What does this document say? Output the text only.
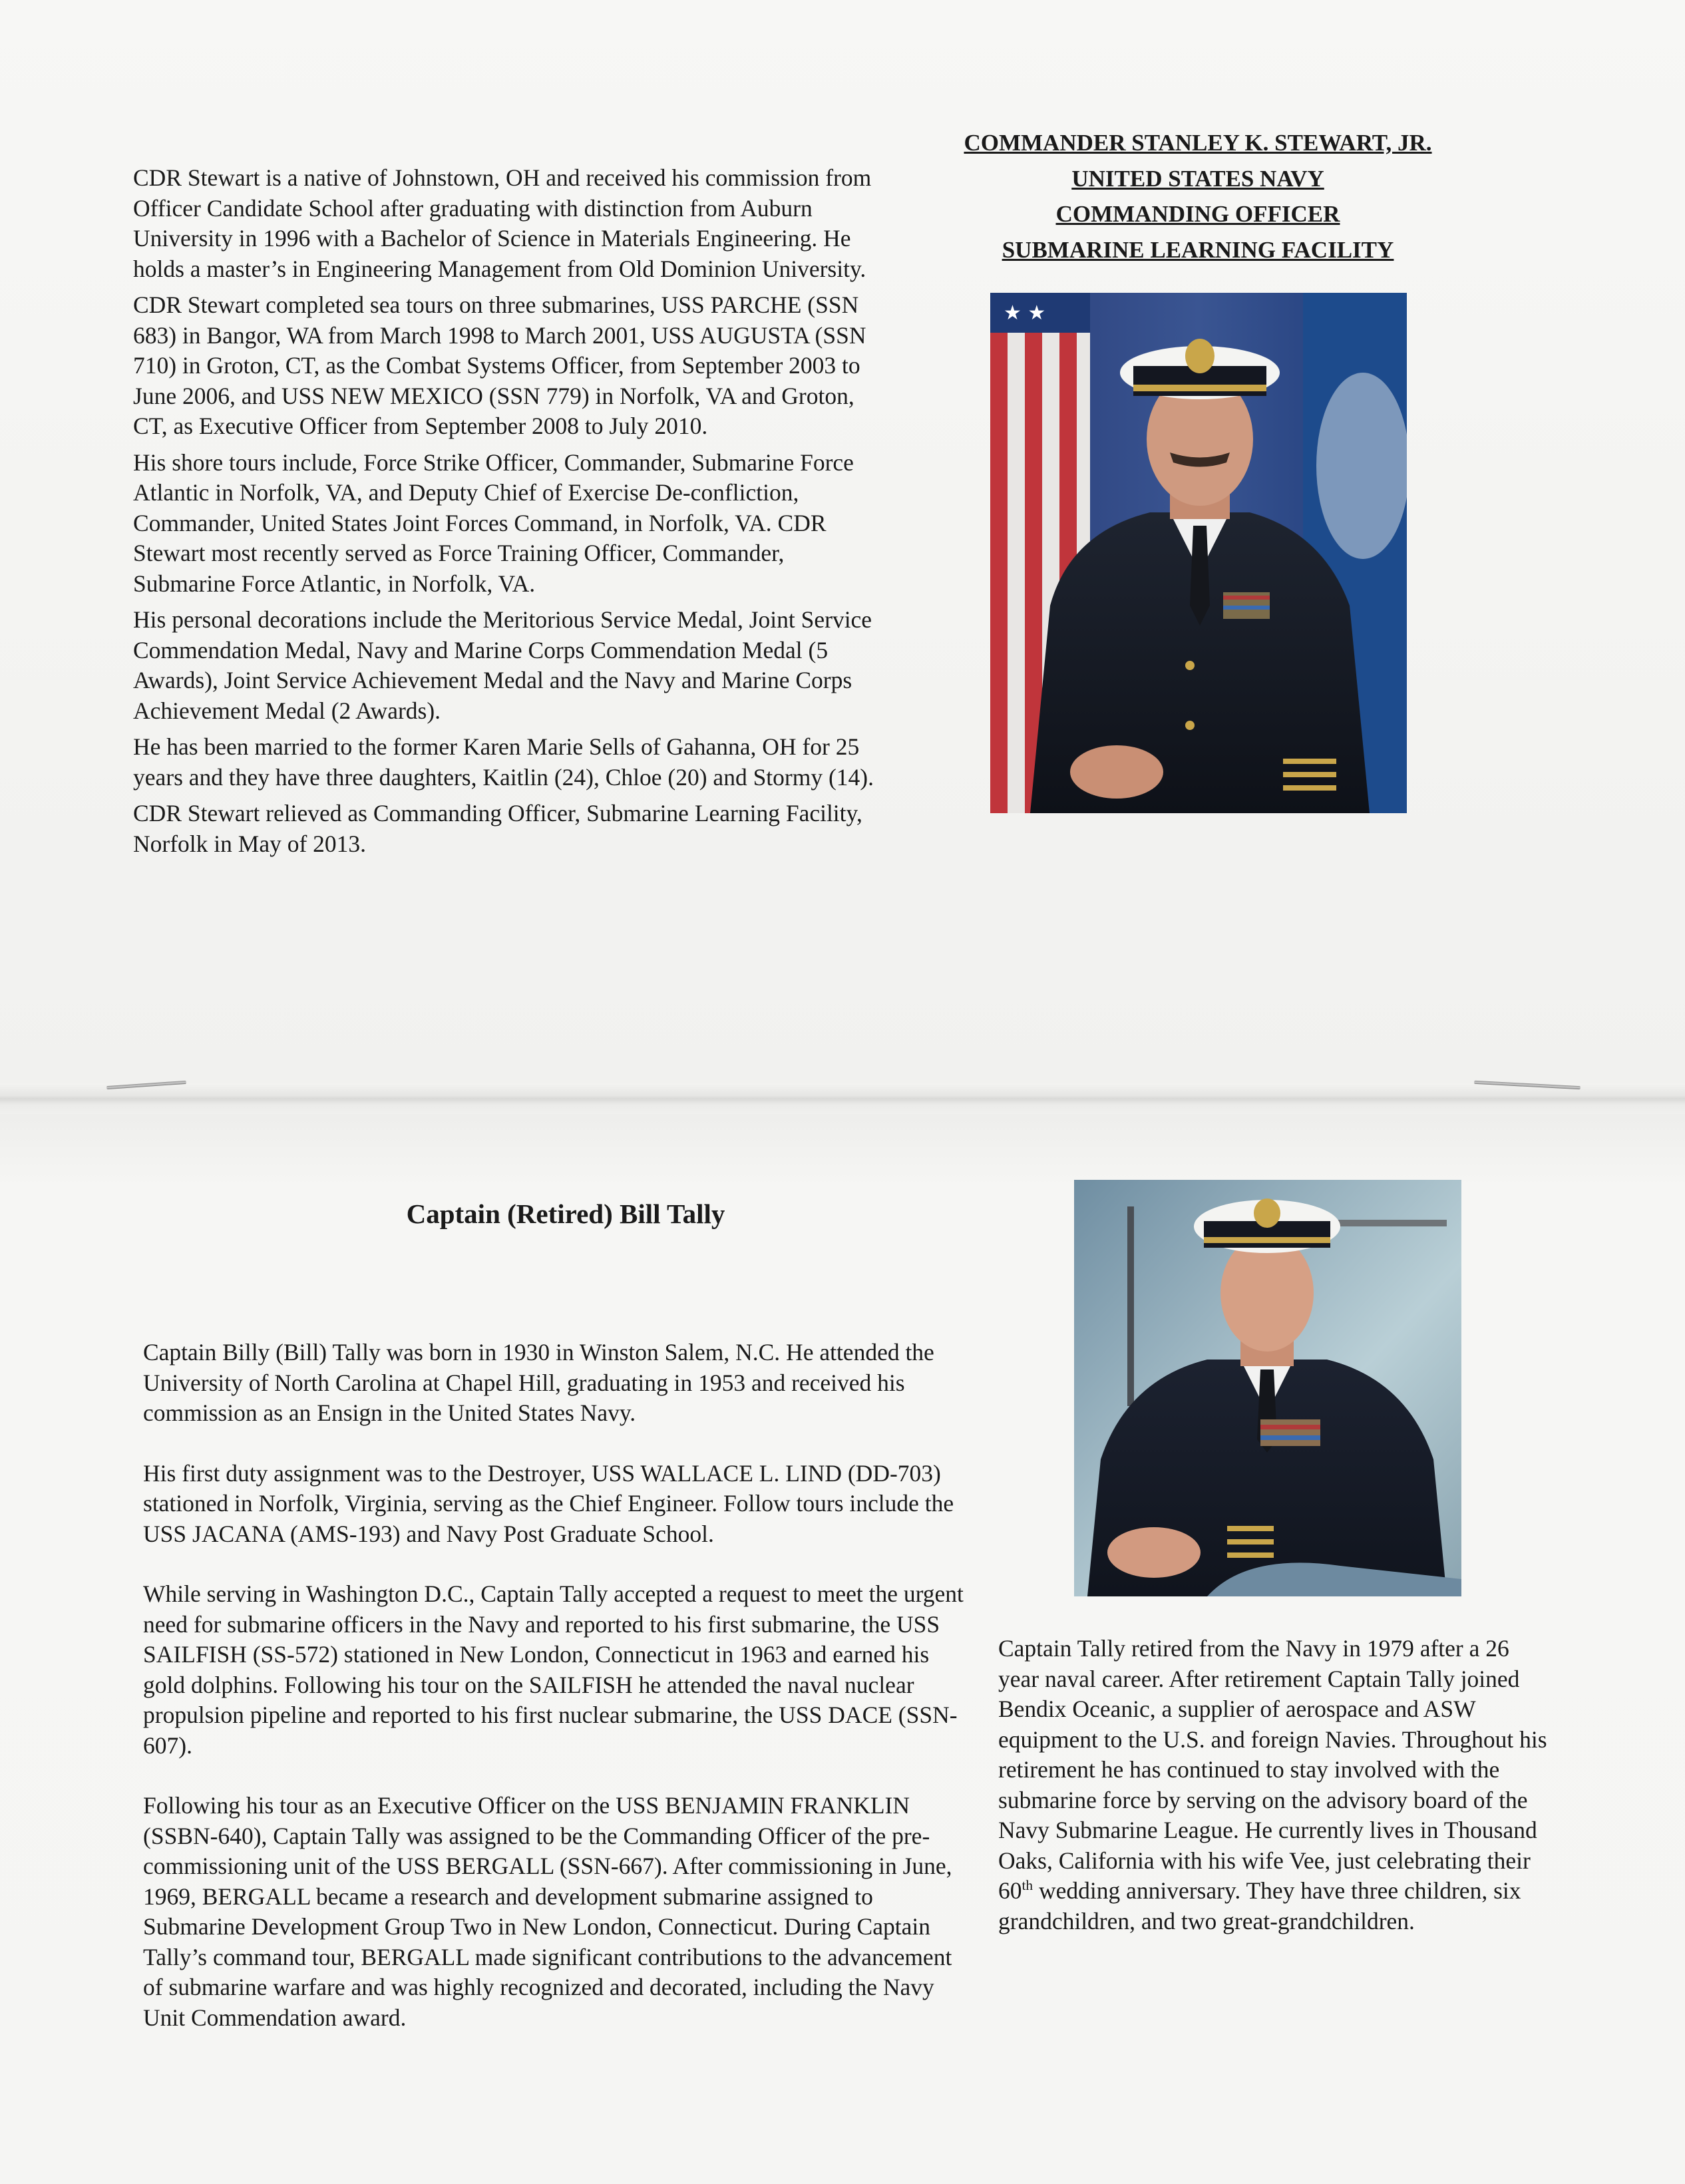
CDR Stewart is a native of Johnstown, OH and received his commission from Officer Candidate School after graduating with distinction from Auburn University in 1996 with a Bachelor of Science in Materials Engineering. He holds a master’s in Engineering Management from Old Dominion University.

CDR Stewart completed sea tours on three submarines, USS PARCHE (SSN 683) in Bangor, WA from March 1998 to March 2001, USS AUGUSTA (SSN 710) in Groton, CT, as the Combat Systems Officer, from September 2003 to June 2006, and USS NEW MEXICO (SSN 779) in Norfolk, VA and Groton, CT, as Executive Officer from September 2008 to July 2010.

His shore tours include, Force Strike Officer, Commander, Submarine Force Atlantic in Norfolk, VA, and Deputy Chief of Exercise De-confliction, Commander, United States Joint Forces Command, in Norfolk, VA. CDR Stewart most recently served as Force Training Officer, Commander, Submarine Force Atlantic, in Norfolk, VA.

His personal decorations include the Meritorious Service Medal, Joint Service Commendation Medal, Navy and Marine Corps Commendation Medal (5 Awards), Joint Service Achievement Medal and the Navy and Marine Corps Achievement Medal (2 Awards).

He has been married to the former Karen Marie Sells of Gahanna, OH for 25 years and they have three daughters, Kaitlin (24), Chloe (20) and Stormy (14).

CDR Stewart relieved as Commanding Officer, Submarine Learning Facility, Norfolk in May of 2013.

COMMANDER STANLEY K. STEWART, JR.
UNITED STATES NAVY
COMMANDING OFFICER
SUBMARINE LEARNING FACILITY
★ ★
Captain (Retired) Bill Tally

Captain Billy (Bill) Tally was born in 1930 in Winston Salem, N.C. He attended the University of North Carolina at Chapel Hill, graduating in 1953 and received his commission as an Ensign in the United States Navy.

His first duty assignment was to the Destroyer, USS WALLACE L. LIND (DD-703) stationed in Norfolk, Virginia, serving as the Chief Engineer. Follow tours include the USS JACANA (AMS-193) and Navy Post Graduate School.

While serving in Washington D.C., Captain Tally accepted a request to meet the urgent need for submarine officers in the Navy and reported to his first submarine, the USS SAILFISH (SS-572) stationed in New London, Connecticut in 1963 and earned his gold dolphins. Following his tour on the SAILFISH he attended the naval nuclear propulsion pipeline and reported to his first nuclear submarine, the USS DACE (SSN-607).

Following his tour as an Executive Officer on the USS BENJAMIN FRANKLIN (SSBN-640), Captain Tally was assigned to be the Commanding Officer of the pre-commissioning unit of the USS BERGALL (SSN-667). After commissioning in June, 1969, BERGALL became a research and development submarine assigned to Submarine Development Group Two in New London, Connecticut. During Captain Tally’s command tour, BERGALL made significant contributions to the advancement of submarine warfare and was highly recognized and decorated, including the Navy Unit Commendation award.

Captain Tally retired from the Navy in 1979 after a 26 year naval career. After retirement Captain Tally joined Bendix Oceanic, a supplier of aerospace and ASW equipment to the U.S. and foreign Navies. Throughout his retirement he has continued to stay involved with the submarine force by serving on the advisory board of the Navy Submarine League. He currently lives in Thousand Oaks, California with his wife Vee, just celebrating their 60th wedding anniversary. They have three children, six grandchildren, and two great-grandchildren.
